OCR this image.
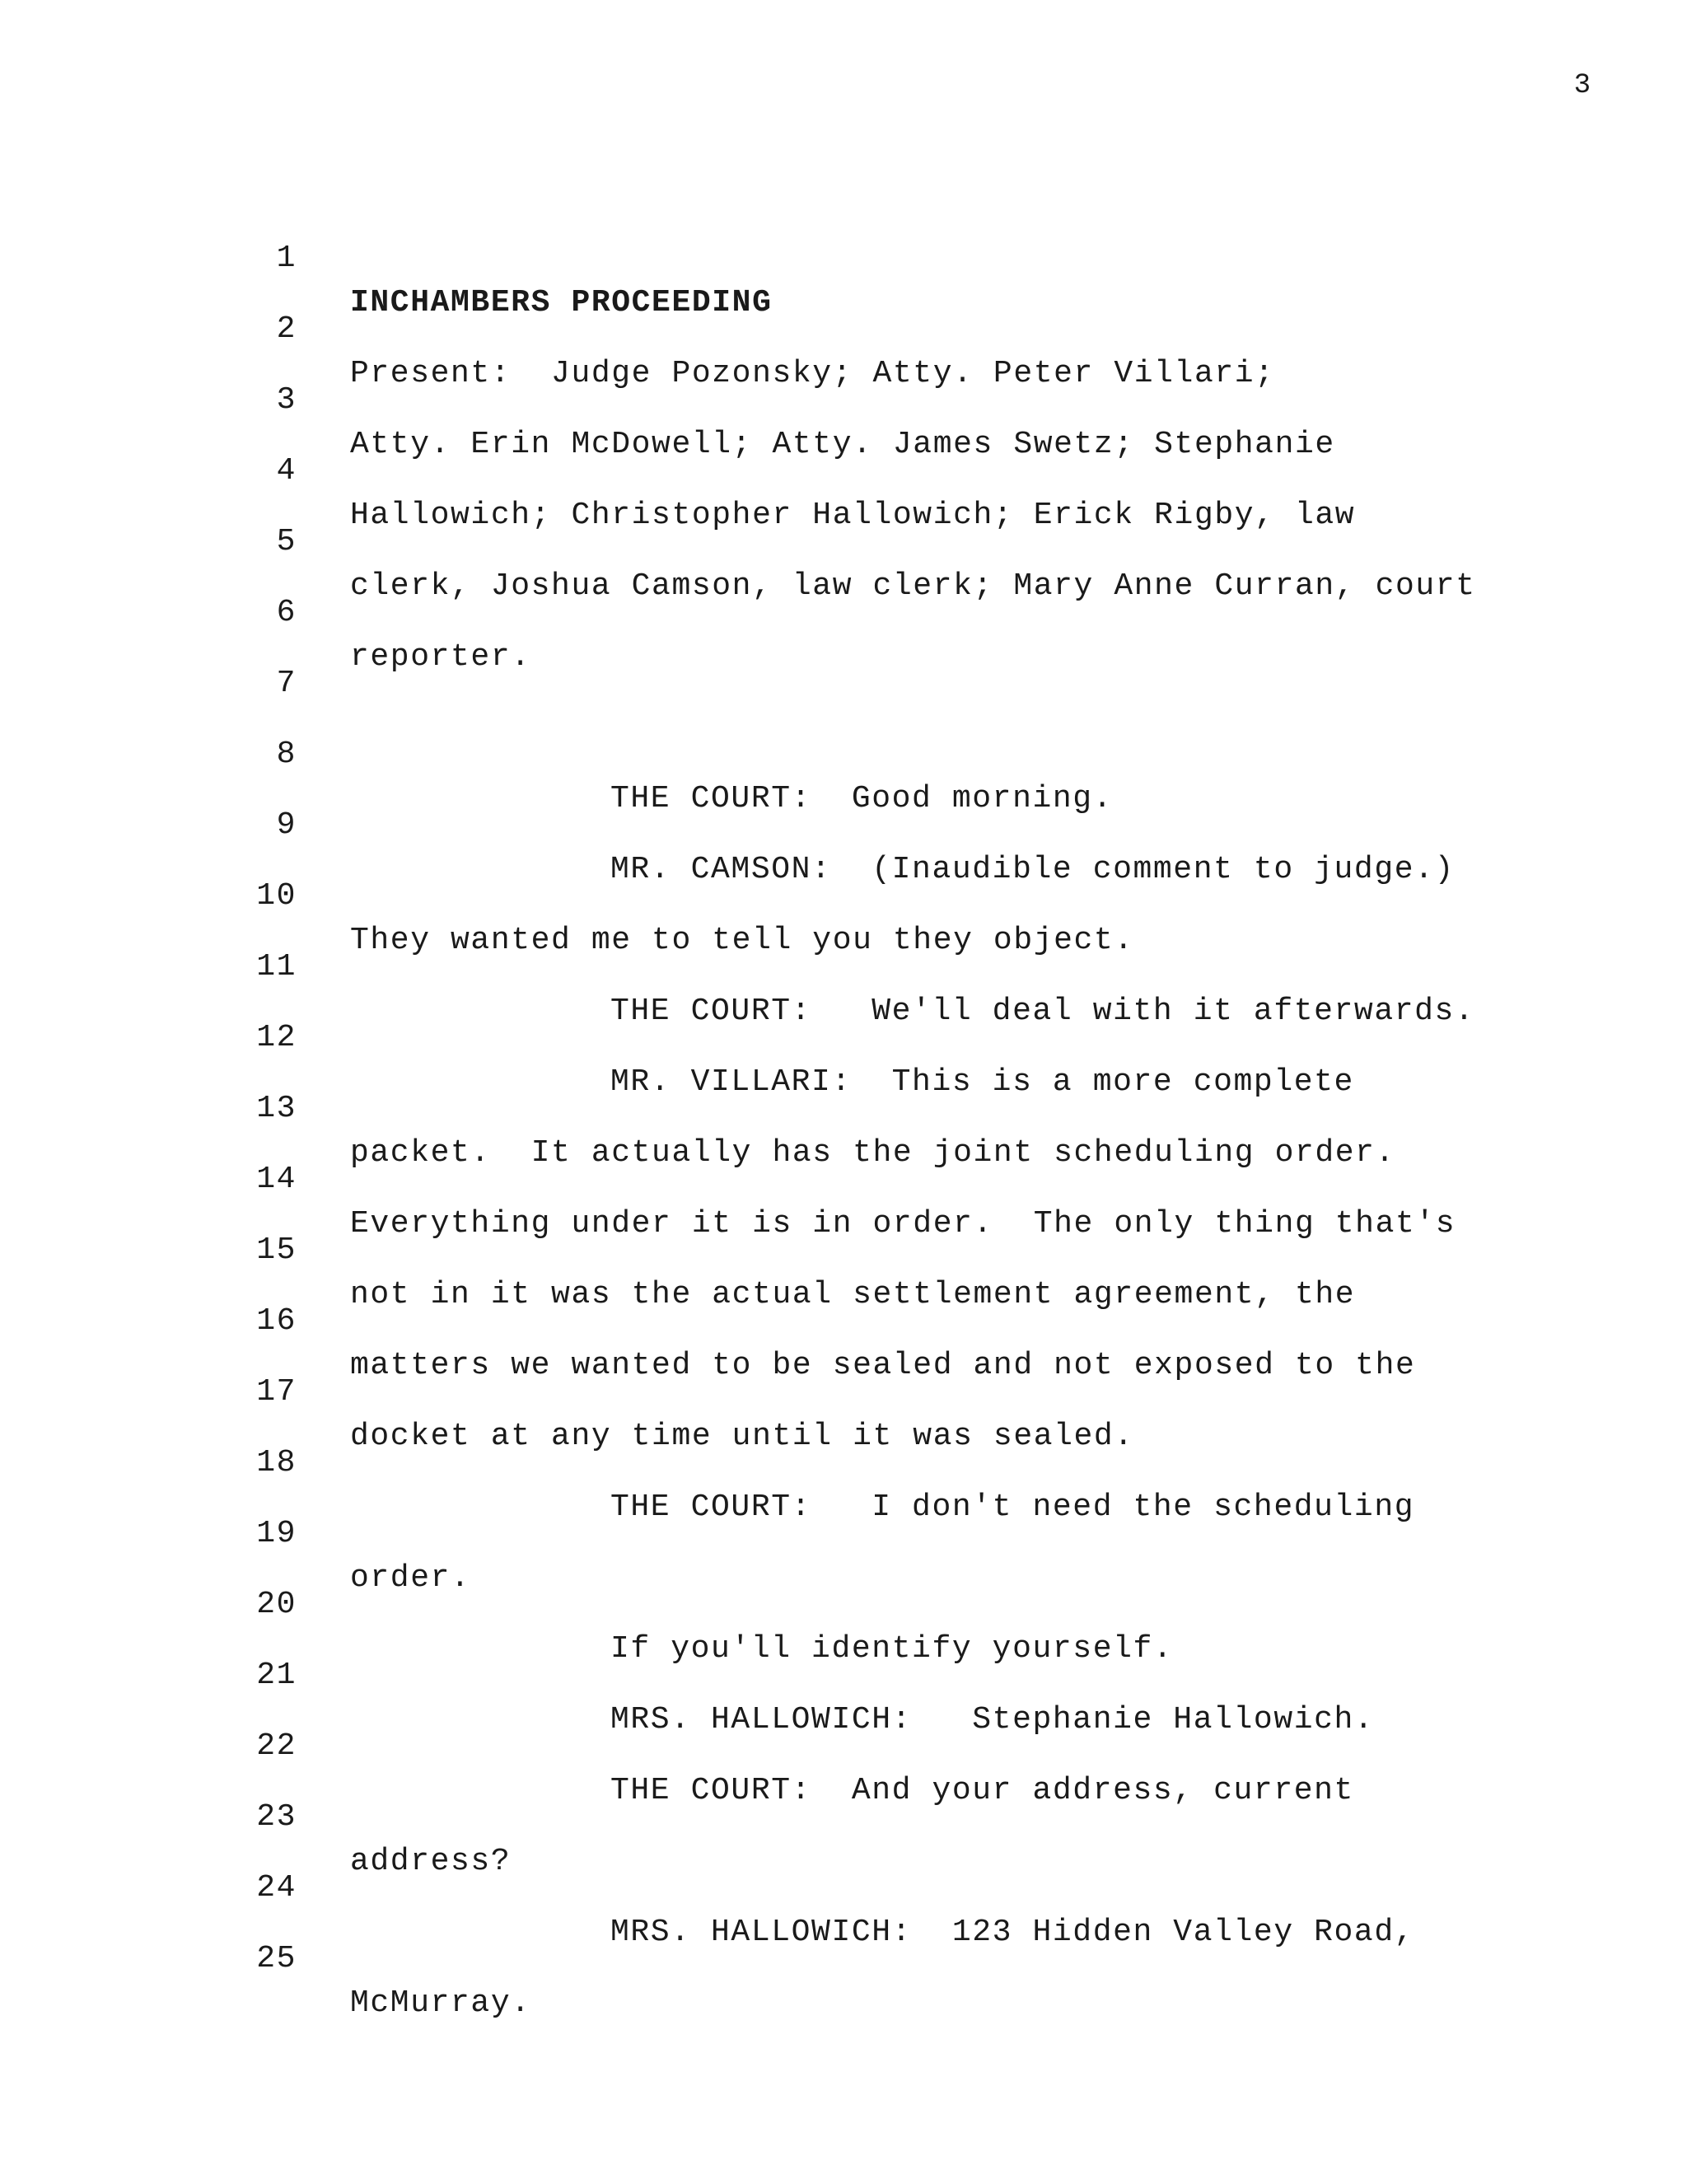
3

1

INCHAMBERS PROCEEDING

2

Present:  Judge Pozonsky; Atty. Peter Villari;

3

Atty. Erin McDowell; Atty. James Swetz; Stephanie

4

Hallowich; Christopher Hallowich; Erick Rigby, law

5

clerk, Joshua Camson, law clerk; Mary Anne Curran, court

6

reporter.

7

8

THE COURT:  Good morning.

9

MR. CAMSON:  (Inaudible comment to judge.)

10

They wanted me to tell you they object.

11

THE COURT:   We'll deal with it afterwards.

12

MR. VILLARI:  This is a more complete

13

packet.  It actually has the joint scheduling order.

14

Everything under it is in order.  The only thing that's

15

not in it was the actual settlement agreement, the

16

matters we wanted to be sealed and not exposed to the

17

docket at any time until it was sealed.

18

THE COURT:   I don't need the scheduling

19

order.

20

If you'll identify yourself.

21

MRS. HALLOWICH:   Stephanie Hallowich.

22

THE COURT:  And your address, current

23

address?

24

MRS. HALLOWICH:  123 Hidden Valley Road,

25

McMurray.
